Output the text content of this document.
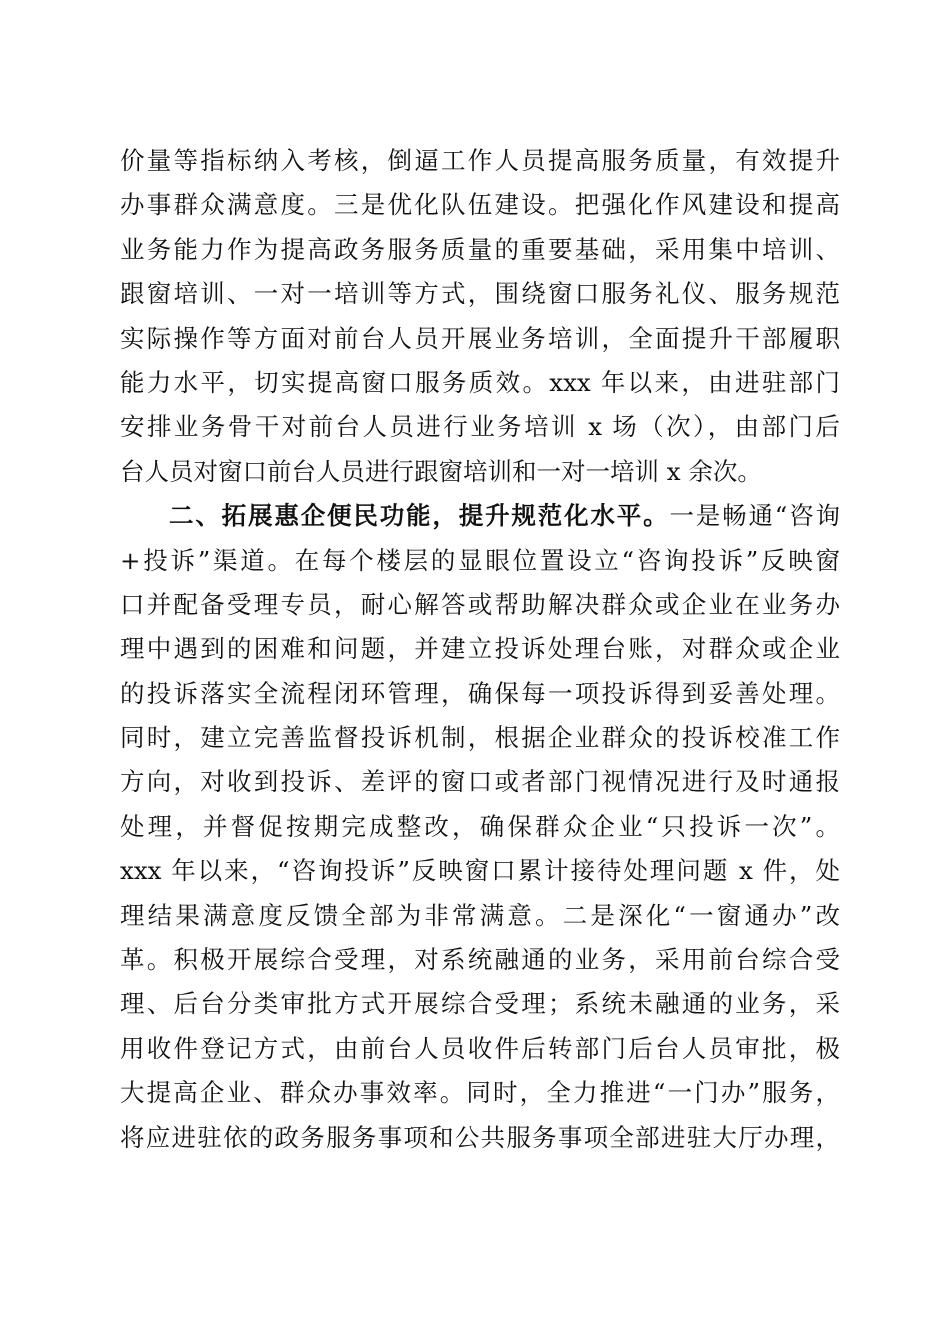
价量等指标纳入考核，倒逼工作人员提高服务质量，有效提升
办事群众满意度。三是优化队伍建设。把强化作风建设和提高
业务能力作为提高政务服务质量的重要基础，采用集中培训、
跟窗培训、一对一培训等方式，围绕窗口服务礼仪、服务规范
实际操作等方面对前台人员开展业务培训，全面提升干部履职
能力水平，切实提高窗口服务质效。xxx 年以来，由进驻部门
安排业务骨干对前台人员进行业务培训 x 场（次），由部门后
台人员对窗口前台人员进行跟窗培训和一对一培训 x 余次。
二、拓展惠企便民功能，提升规范化水平。一是畅通“咨询
+投诉”渠道。在每个楼层的显眼位置设立“咨询投诉”反映窗
口并配备受理专员，耐心解答或帮助解决群众或企业在业务办
理中遇到的困难和问题，并建立投诉处理台账，对群众或企业
的投诉落实全流程闭环管理，确保每一项投诉得到妥善处理。
同时，建立完善监督投诉机制，根据企业群众的投诉校准工作
方向，对收到投诉、差评的窗口或者部门视情况进行及时通报
处理，并督促按期完成整改，确保群众企业“只投诉一次”。
xxx 年以来，“咨询投诉”反映窗口累计接待处理问题 x 件，处
理结果满意度反馈全部为非常满意。二是深化“一窗通办”改
革。积极开展综合受理，对系统融通的业务，采用前台综合受
理、后台分类审批方式开展综合受理；系统未融通的业务，采
用收件登记方式，由前台人员收件后转部门后台人员审批，极
大提高企业、群众办事效率。同时，全力推进“一门办”服务，
将应进驻依的政务服务事项和公共服务事项全部进驻大厅办理，
